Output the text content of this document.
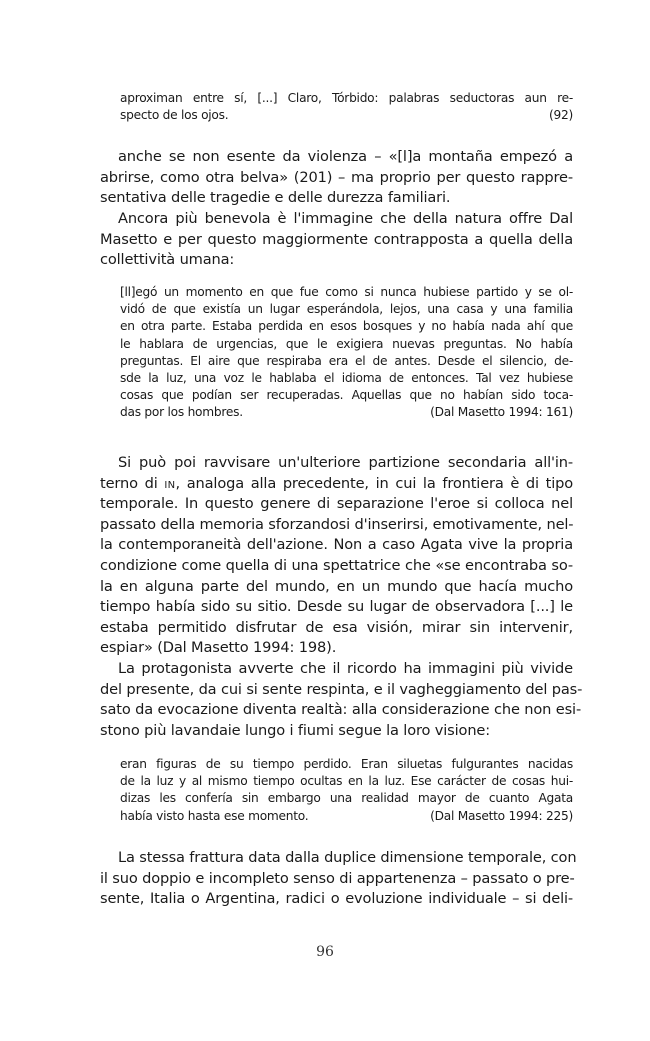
aproximan entre sí, [...] Claro, Tórbido: palabras seductoras aun re-
specto de los ojos.	(92)
anche se non esente da violenza – «[l]a montaña empezó a
abrirse, como otra belva» (201) – ma proprio per questo rappre-
sentativa delle tragedie e delle durezza familiari.
Ancora più benevola è l'immagine che della natura offre Dal
Masetto e per questo maggiormente contrapposta a quella della
collettività umana:
[ll]egó un momento en que fue como si nunca hubiese partido y se ol-
vidó de que existía un lugar esperándola, lejos, una casa y una familia
en otra parte. Estaba perdida en esos bosques y no había nada ahí que
le hablara de urgencias, que le exigiera nuevas preguntas. No había
preguntas. El aire que respiraba era el de antes. Desde el silencio, de-
sde la luz, una voz le hablaba el idioma de entonces. Tal vez hubiese
cosas que podían ser recuperadas. Aquellas que no habían sido toca-
das por los hombres.	(Dal Masetto 1994: 161)
Si può poi ravvisare un'ulteriore partizione secondaria all'in-
terno di in, analoga alla precedente, in cui la frontiera è di tipo
temporale. In questo genere di separazione l'eroe si colloca nel
passato della memoria sforzandosi d'inserirsi, emotivamente, nel-
la contemporaneità dell'azione. Non a caso Agata vive la propria
condizione come quella di una spettatrice che «se encontraba so-
la en alguna parte del mundo, en un mundo que hacía mucho
tiempo había sido su sitio. Desde su lugar de observadora [...] le
estaba permitido disfrutar de esa visión, mirar sin intervenir,
espiar» (Dal Masetto 1994: 198).
La protagonista avverte che il ricordo ha immagini più vivide
del presente, da cui si sente respinta, e il vagheggiamento del pas-
sato da evocazione diventa realtà: alla considerazione che non esi-
stono più lavandaie lungo i fiumi segue la loro visione:
eran figuras de su tiempo perdido. Eran siluetas fulgurantes nacidas
de la luz y al mismo tiempo ocultas en la luz. Ese carácter de cosas hui-
dizas les confería sin embargo una realidad mayor de cuanto Agata
había visto hasta ese momento.	(Dal Masetto 1994: 225)
La stessa frattura data dalla duplice dimensione temporale, con
il suo doppio e incompleto senso di appartenenza – passato o pre-
sente, Italia o Argentina, radici o evoluzione individuale – si deli-
96
